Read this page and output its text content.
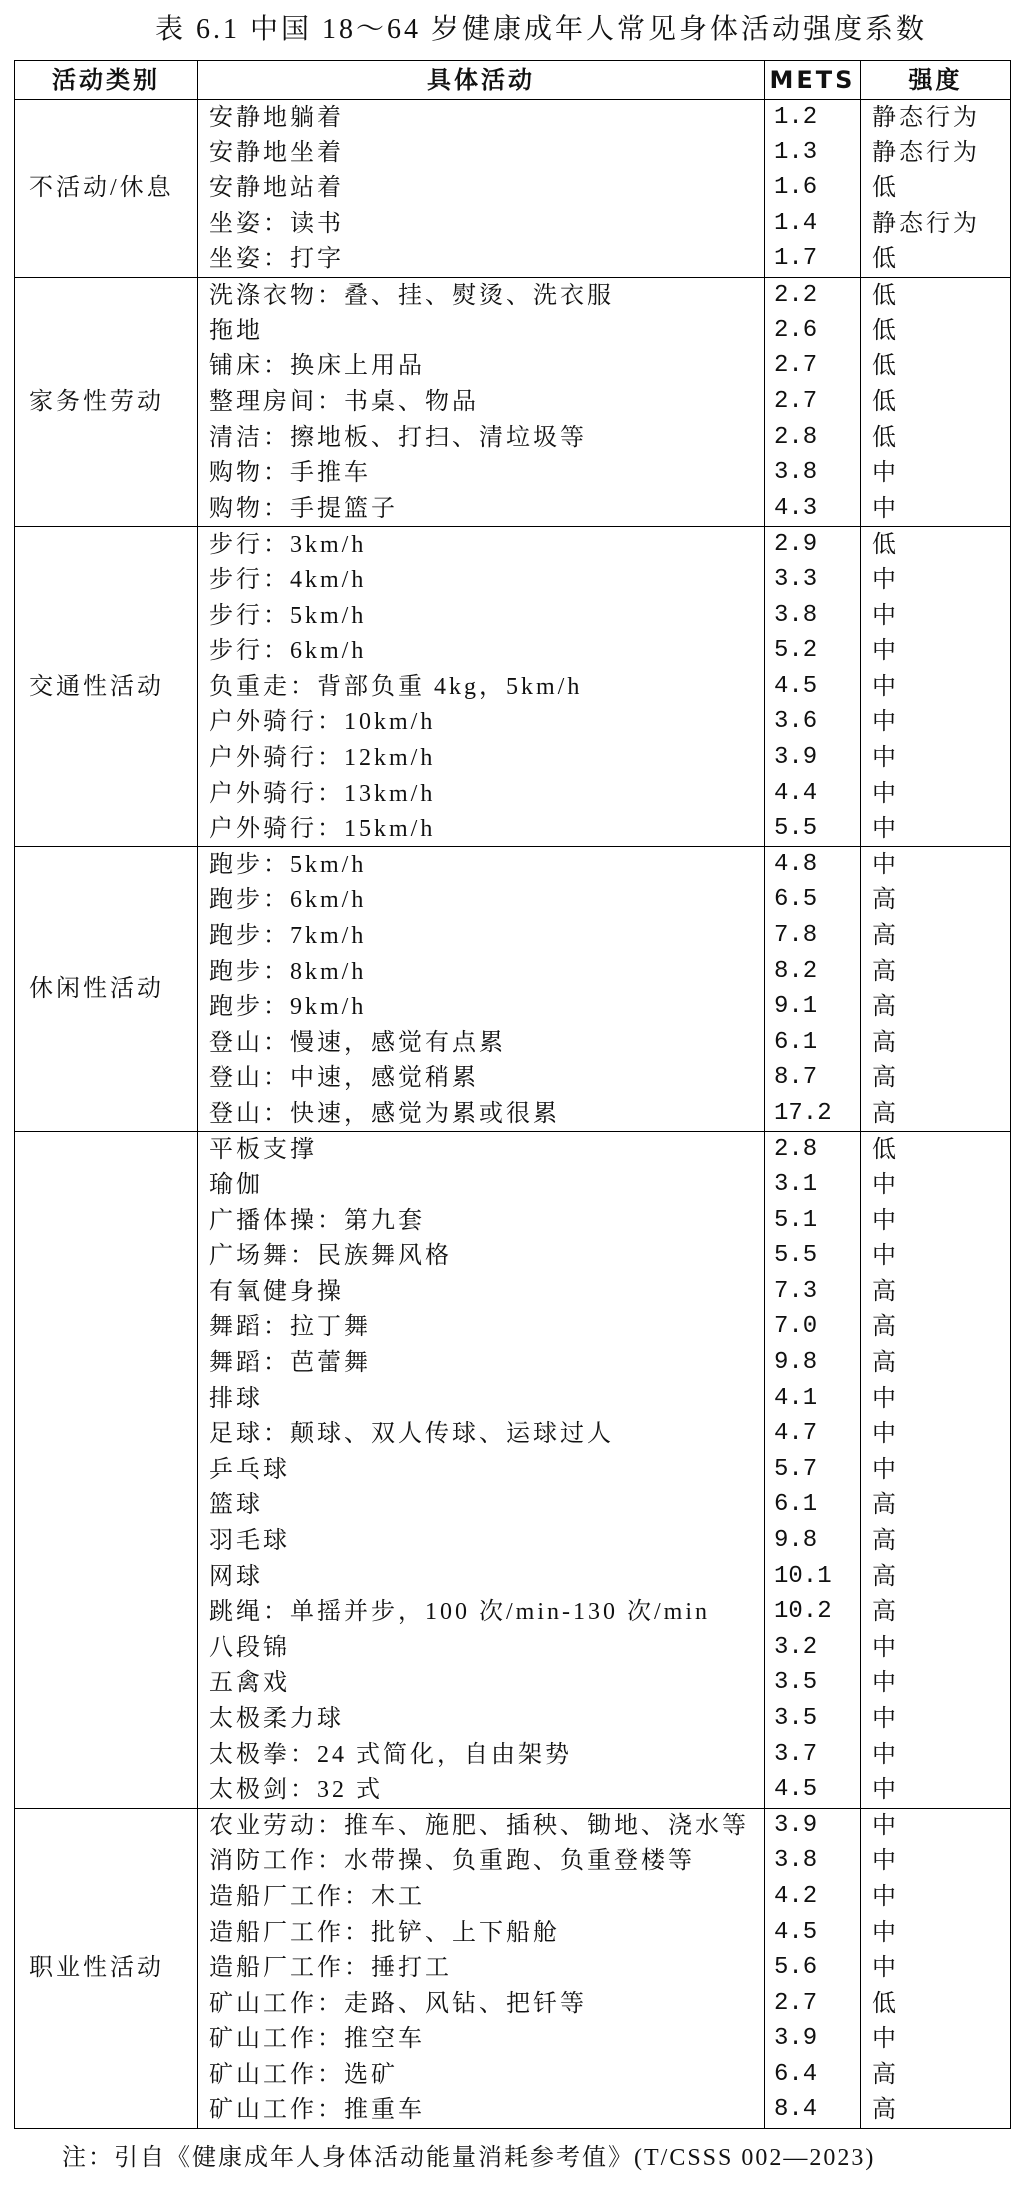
表 6.1 中国 18～64 岁健康成年人常见身体活动强度系数
活动类别	具体活动	METS	强度
不活动/休息	安静地躺着	1.2	静态行为
	安静地坐着	1.3	静态行为
	安静地站着	1.6	低
	坐姿：读书	1.4	静态行为
	坐姿：打字	1.7	低
家务性劳动	洗涤衣物：叠、挂、熨烫、洗衣服	2.2	低
	拖地	2.6	低
	铺床：换床上用品	2.7	低
	整理房间：书桌、物品	2.7	低
	清洁：擦地板、打扫、清垃圾等	2.8	低
	购物：手推车	3.8	中
	购物：手提篮子	4.3	中
交通性活动	步行：3km/h	2.9	低
	步行：4km/h	3.3	中
	步行：5km/h	3.8	中
	步行：6km/h	5.2	中
	负重走：背部负重 4kg，5km/h	4.5	中
	户外骑行：10km/h	3.6	中
	户外骑行：12km/h	3.9	中
	户外骑行：13km/h	4.4	中
	户外骑行：15km/h	5.5	中
休闲性活动	跑步：5km/h	4.8	中
	跑步：6km/h	6.5	高
	跑步：7km/h	7.8	高
	跑步：8km/h	8.2	高
	跑步：9km/h	9.1	高
	登山：慢速，感觉有点累	6.1	高
	登山：中速，感觉稍累	8.7	高
	登山：快速，感觉为累或很累	17.2	高
	平板支撑	2.8	低
	瑜伽	3.1	中
	广播体操：第九套	5.1	中
	广场舞：民族舞风格	5.5	中
	有氧健身操	7.3	高
	舞蹈：拉丁舞	7.0	高
	舞蹈：芭蕾舞	9.8	高
	排球	4.1	中
	足球：颠球、双人传球、运球过人	4.7	中
	乒乓球	5.7	中
	篮球	6.1	高
	羽毛球	9.8	高
	网球	10.1	高
	跳绳：单摇并步，100 次/min-130 次/min	10.2	高
	八段锦	3.2	中
	五禽戏	3.5	中
	太极柔力球	3.5	中
	太极拳：24 式简化，自由架势	3.7	中
	太极剑：32 式	4.5	中
职业性活动	农业劳动：推车、施肥、插秧、锄地、浇水等	3.9	中
	消防工作：水带操、负重跑、负重登楼等	3.8	中
	造船厂工作：木工	4.2	中
	造船厂工作：批铲、上下船舱	4.5	中
	造船厂工作：捶打工	5.6	中
	矿山工作：走路、风钻、把钎等	2.7	低
	矿山工作：推空车	3.9	中
	矿山工作：选矿	6.4	高
	矿山工作：推重车	8.4	高
注：引自《健康成年人身体活动能量消耗参考值》(T/CSSS 002—2023)
